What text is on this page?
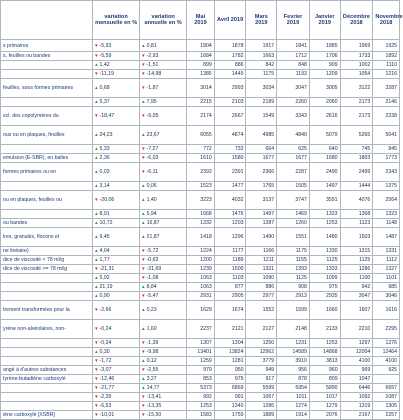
	variation mensuelle en %	variation annuelle en %	Mai 2019	Avril 2019	Mars 2019	Fevrier 2019	Janvier 2019	Décembre 2018	Novembre 2018
s primaires	▼-5,93	▲0,81	1804	1878	1917	1841	1885	1969	1925
s, feuilles ou bandes	▼-5,59	▼-2,93	1684	1782	1663	1712	1706	1733	1892
	▲ 1,42	▼-1,51	899	886	842	848	909	1002	1110
	▼ -11,19	▼-14,98	1385	1445	1175	1193	1209	1054	1216
feuilles, sous formes primaires	▲0,68	▼-1,87	3014	2993	3034	3047	3005	3122	3287
	▲ 5,37	▲7,95	2215	2103	2189	2260	2060	2173	2146
xcl. des copolymères du	▼-18,47	▼-9,05	2174	2667	1549	3343	2616	2173	2238
ous ou en plaques, feuilles	▲24,23	▲23,67	6055	4874	4985	4840	5079	5265	5041
	▲ 5,33	▼-7,27	772	733	664	625	640	745	845
emulsion (E-SBR), en balles	▲2,36	▼-6,03	1610	1580	1677	1677	1680	1803	1773
formes primaires ou en	▲0,03	▼-6,11	2392	2391	2366	2287	2490	2499	2343
	▲ 3,14	▲0,06	1523	1477	1765	1505	1497	1444	1375
ou en plaques, feuilles ou	▼-20,06	▲1,40	3223	4032	3137	3747	3591	4076	2564
	▲ 8,91	▲5,94	1668	1476	1497	1469	1323	1368	1323
ou bandes	▲10,72	▲16,87	1332	1203	1287	1260	1253	1123	1148
lres, granulés, flocons et	▲9,45	▲21,87	1418	1296	1490	1551	1480	1503	1487
ne linéaire)	▲4,04	▼-5,72	1224	1177	1166	1175	1330	1315	1331
dice de viscosité < 78 ml/g	▲1,77	▼-0,63	1200	1189	1211	1155	1125	1125	1112
dice de viscosité >= 78 ml/g	▼-21,31	▼-31,69	1239	1500	1321	1393	1333	1286	1327
	▲ 5,92	▼-1,08	1063	1103	1090	1125	1099	1100	1101
	▲ 21,19	▲8,84	1063	877	886	908	975	942	985
	▲ 0,90	▼-5,47	2931	2905	2977	2913	2935	3047	3046
trement transformées pour la	▼-2,66	▲0,23	1629	1674	1552	1599	1660	1607	1616
yrène non-alvéolaires, non-	▼-0,24	▲1,60	2237	2121	2127	2148	2133	2210	2295
	▼ -0,24	▼-1,39	1307	1304	1250	1231	1253	1297	1276
	▲ 0,30	▼-9,98	13401	13824	12962	14589	14868	12004	12464
	▼ -1,72	▲0,12	1259	1281	3779	3910	3813	4100	4100
angé à d'autres substances	▼-3,07	▼-2,55	979	950	949	956	960	969	925
tyrène-butadiène carboxylé	▼-12,46	▲3,27	853	975	917	878	809	1047	
	▼ -21,77	▲14,77	5373	6869	5599	5954	5890	6446	6657
	▼ -2,39	▼-13,41	992	991	1067	1011	1017	1092	1087
	▼ -6,53	▼-13,35	1253	1340	1286	1274	1279	1319	1305
iène carboxylé [XSBR]	▼-10,01	▼-15,50	1583	1759	1889	1914	2076	2167	2257
